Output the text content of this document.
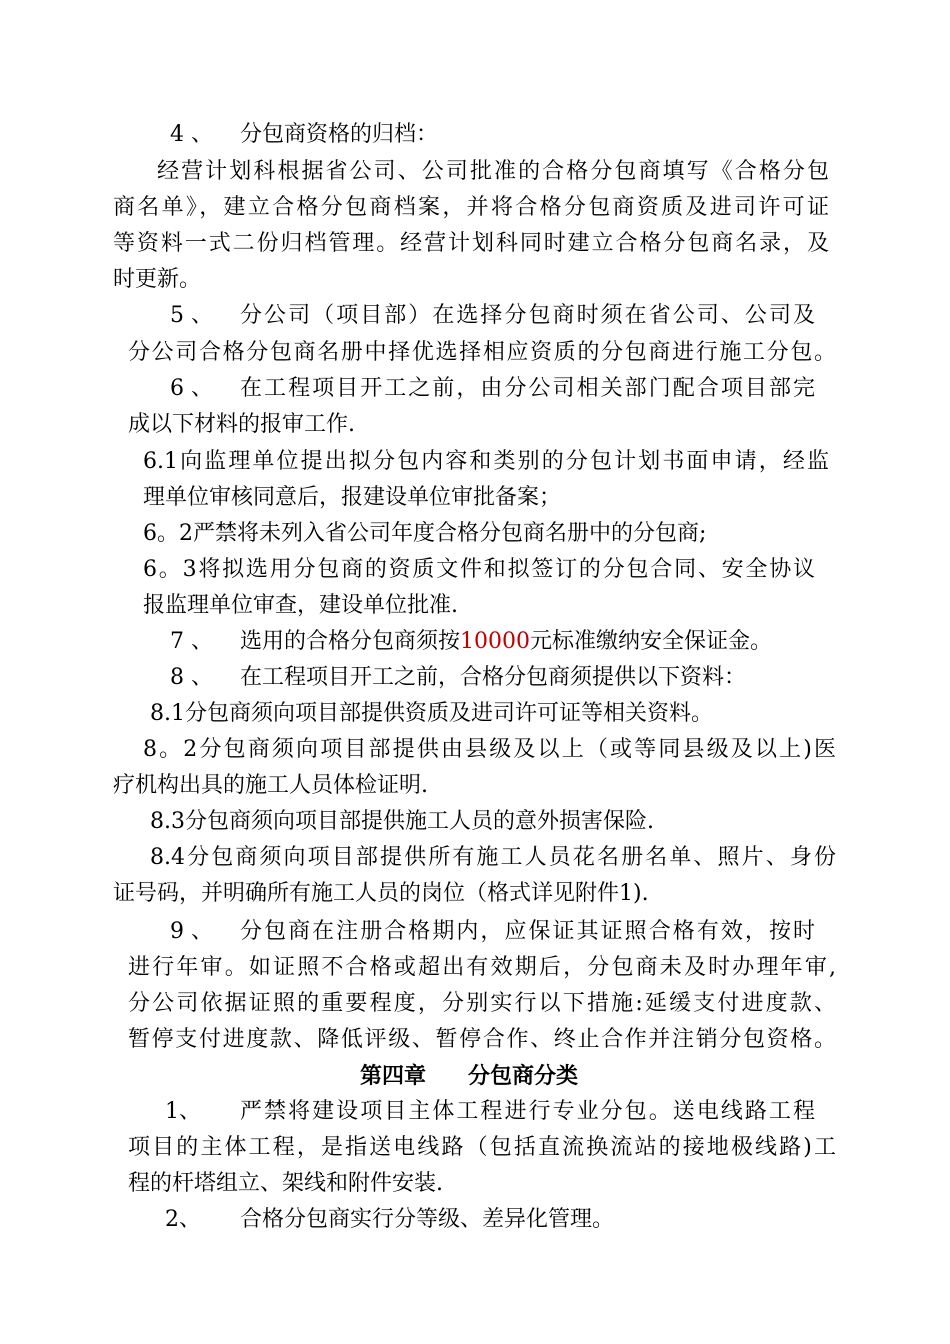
4 、 分包商资格的归档：
经营计划科根据省公司、公司批准的合格分包商填写《合格分包
商名单》，建立合格分包商档案，并将合格分包商资质及进司许可证
等资料一式二份归档管理。经营计划科同时建立合格分包商名录，及
时更新。
5 、 分公司（项目部）在选择分包商时须在省公司、公司及
分公司合格分包商名册中择优选择相应资质的分包商进行施工分包。
6 、 在工程项目开工之前，由分公司相关部门配合项目部完
成以下材料的报审工作.
6.1向监理单位提出拟分包内容和类别的分包计划书面申请，经监
理单位审核同意后，报建设单位审批备案；
6。2严禁将未列入省公司年度合格分包商名册中的分包商;
6。3将拟选用分包商的资质文件和拟签订的分包合同、安全协议
报监理单位审查，建设单位批准.
7 、 选用的合格分包商须按10000元标准缴纳安全保证金。
8 、 在工程项目开工之前，合格分包商须提供以下资料：
8.1分包商须向项目部提供资质及进司许可证等相关资料。
8。2分包商须向项目部提供由县级及以上（或等同县级及以上)医
疗机构出具的施工人员体检证明.
8.3分包商须向项目部提供施工人员的意外损害保险.
8.4分包商须向项目部提供所有施工人员花名册名单、照片、身份
证号码，并明确所有施工人员的岗位（格式详见附件1).
9 、 分包商在注册合格期内，应保证其证照合格有效，按时
进行年审。如证照不合格或超出有效期后，分包商未及时办理年审,
分公司依据证照的重要程度，分别实行以下措施:延缓支付进度款、
暂停支付进度款、降低评级、暂停合作、终止合作并注销分包资格。
第四章 分包商分类
1、 严禁将建设项目主体工程进行专业分包。送电线路工程
项目的主体工程，是指送电线路（包括直流换流站的接地极线路)工
程的杆塔组立、架线和附件安装.
2、 合格分包商实行分等级、差异化管理。
